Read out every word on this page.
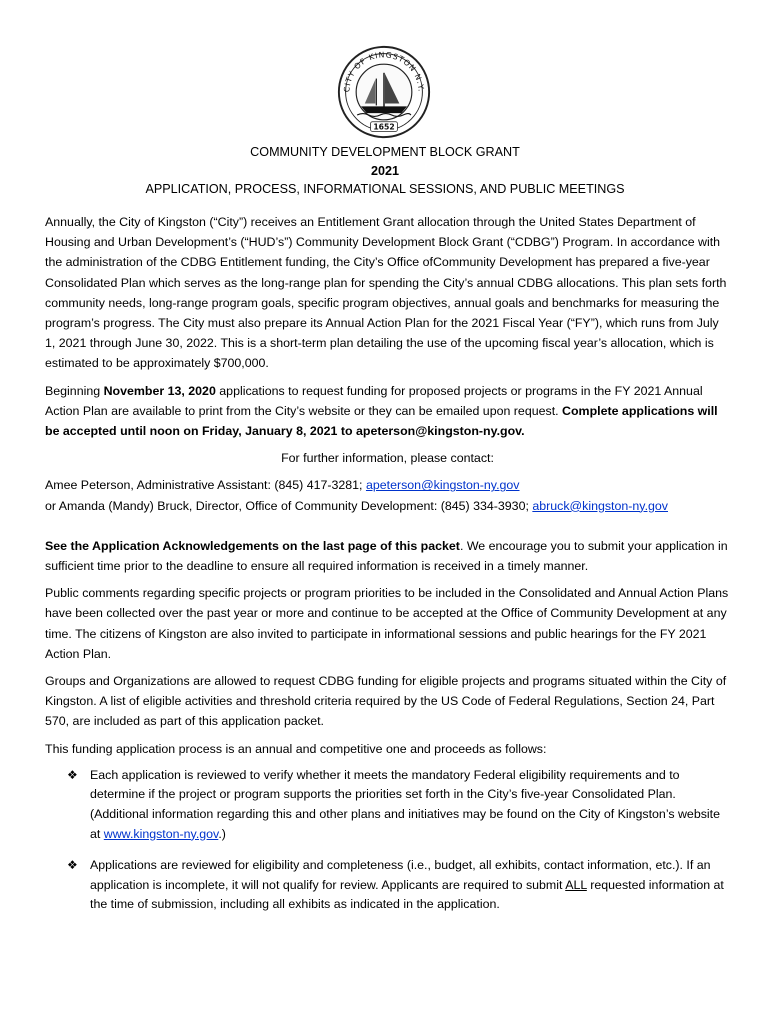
CITY OF KINGSTON N.Y.
1652
COMMUNITY DEVELOPMENT BLOCK GRANT
2021
APPLICATION, PROCESS, INFORMATIONAL SESSIONS, AND PUBLIC MEETINGS

Annually, the City of Kingston (“City”) receives an Entitlement Grant allocation through the United States Department of Housing and Urban Development’s (“HUD’s”) Community Development Block Grant (“CDBG”) Program. In accordance with the administration of the CDBG Entitlement funding, the City’s Office ofCommunity Development has prepared a five-year Consolidated Plan which serves as the long-range plan for spending the City’s annual CDBG allocations. This plan sets forth community needs, long-range program goals, specific program objectives, annual goals and benchmarks for measuring the program’s progress. The City must also prepare its Annual Action Plan for the 2021 Fiscal Year (“FY”), which runs from July 1, 2021 through June 30, 2022. This is a short-term plan detailing the use of the upcoming fiscal year’s allocation, which is estimated to be approximately $700,000.

Beginning November 13, 2020 applications to request funding for proposed projects or programs in the FY 2021 Annual Action Plan are available to print from the City’s website or they can be emailed upon request. Complete applications will be accepted until noon on Friday, January 8, 2021 to apeterson@kingston-ny.gov.

For further information, please contact:

Amee Peterson, Administrative Assistant: (845) 417-3281; apeterson@kingston-ny.gov
or Amanda (Mandy) Bruck, Director, Office of Community Development: (845) 334-3930; abruck@kingston-ny.gov

See the Application Acknowledgements on the last page of this packet. We encourage you to submit your application in sufficient time prior to the deadline to ensure all required information is received in a timely manner.

Public comments regarding specific projects or program priorities to be included in the Consolidated and Annual Action Plans have been collected over the past year or more and continue to be accepted at the Office of Community Development at any time. The citizens of Kingston are also invited to participate in informational sessions and public hearings for the FY 2021 Action Plan.

Groups and Organizations are allowed to request CDBG funding for eligible projects and programs situated within the City of Kingston. A list of eligible activities and threshold criteria required by the US Code of Federal Regulations, Section 24, Part 570, are included as part of this application packet.

This funding application process is an annual and competitive one and proceeds as follows:

❖ Each application is reviewed to verify whether it meets the mandatory Federal eligibility requirements and to determine if the project or program supports the priorities set forth in the City’s five-year Consolidated Plan. (Additional information regarding this and other plans and initiatives may be found on the City of Kingston’s website at www.kingston-ny.gov.)
❖ Applications are reviewed for eligibility and completeness (i.e., budget, all exhibits, contact information, etc.). If an application is incomplete, it will not qualify for review. Applicants are required to submit ALL requested information at the time of submission, including all exhibits as indicated in the application.
